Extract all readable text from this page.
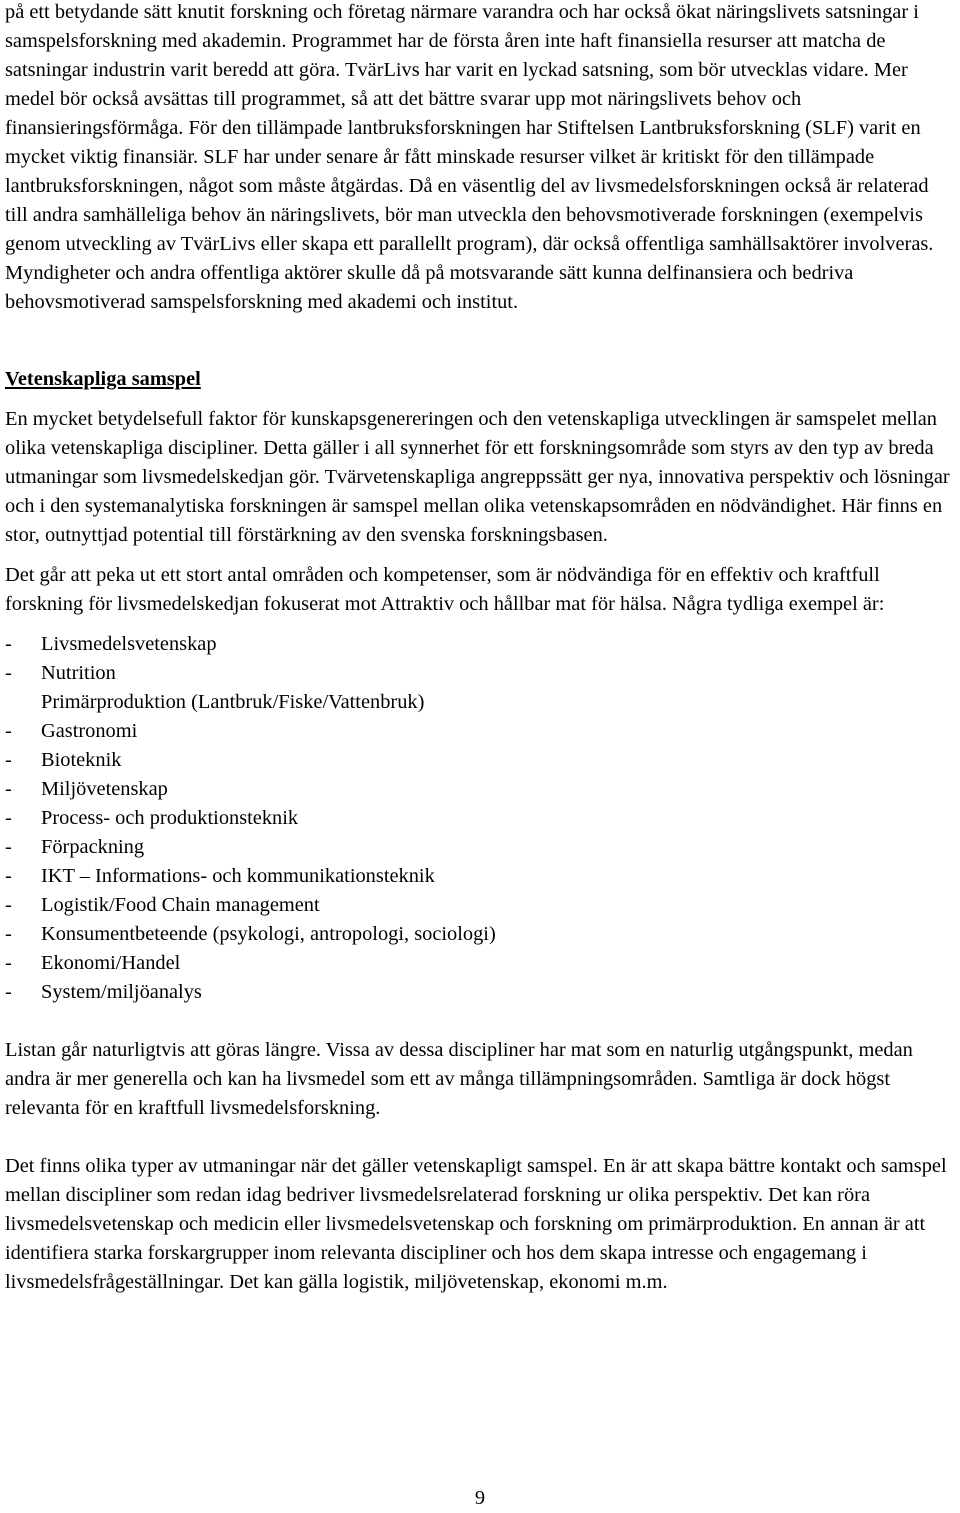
på ett betydande sätt knutit forskning och företag närmare varandra och har också ökat näringslivets satsningar i samspelsforskning med akademin. Programmet har de första åren inte haft finansiella resurser att matcha de satsningar industrin varit beredd att göra. TvärLivs har varit en lyckad satsning, som bör utvecklas vidare. Mer medel bör också avsättas till programmet, så att det bättre svarar upp mot näringslivets behov och finansieringsförmåga. För den tillämpade lantbruksforskningen har Stiftelsen Lantbruksforskning (SLF) varit en mycket viktig finansiär. SLF har under senare år fått minskade resurser vilket är kritiskt för den tillämpade lantbruksforskningen, något som måste åtgärdas. Då en väsentlig del av livsmedelsforskningen också är relaterad till andra samhälleliga behov än näringslivets, bör man utveckla den behovsmotiverade forskningen (exempelvis genom utveckling av TvärLivs eller skapa ett parallellt program), där också offentliga samhällsaktörer involveras. Myndigheter och andra offentliga aktörer skulle då på motsvarande sätt kunna delfinansiera och bedriva behovsmotiverad samspelsforskning med akademi och institut.

Vetenskapliga samspel

En mycket betydelsefull faktor för kunskapsgenereringen och den vetenskapliga utvecklingen är samspelet mellan olika vetenskapliga discipliner. Detta gäller i all synnerhet för ett forskningsområde som styrs av den typ av breda utmaningar som livsmedelskedjan gör. Tvärvetenskapliga angreppssätt ger nya, innovativa perspektiv och lösningar och i den systemanalytiska forskningen är samspel mellan olika vetenskapsområden en nödvändighet. Här finns en stor, outnyttjad potential till förstärkning av den svenska forskningsbasen.

Det går att peka ut ett stort antal områden och kompetenser, som är nödvändiga för en effektiv och kraftfull forskning för livsmedelskedjan fokuserat mot Attraktiv och hållbar mat för hälsa. Några tydliga exempel är:

- Livsmedelsvetenskap
- Nutrition
Primärproduktion (Lantbruk/Fiske/Vattenbruk)
- Gastronomi
- Bioteknik
- Miljövetenskap
- Process- och produktionsteknik
- Förpackning
- IKT – Informations- och kommunikationsteknik
- Logistik/Food Chain management
- Konsumentbeteende (psykologi, antropologi, sociologi)
- Ekonomi/Handel
- System/miljöanalys

Listan går naturligtvis att göras längre. Vissa av dessa discipliner har mat som en naturlig utgångspunkt, medan andra är mer generella och kan ha livsmedel som ett av många tillämpningsområden. Samtliga är dock högst relevanta för en kraftfull livsmedelsforskning.

Det finns olika typer av utmaningar när det gäller vetenskapligt samspel. En är att skapa bättre kontakt och samspel mellan discipliner som redan idag bedriver livsmedelsrelaterad forskning ur olika perspektiv. Det kan röra livsmedelsvetenskap och medicin eller livsmedelsvetenskap och forskning om primärproduktion. En annan är att identifiera starka forskargrupper inom relevanta discipliner och hos dem skapa intresse och engagemang i livsmedelsfrågeställningar. Det kan gälla logistik, miljövetenskap, ekonomi m.m.

9
